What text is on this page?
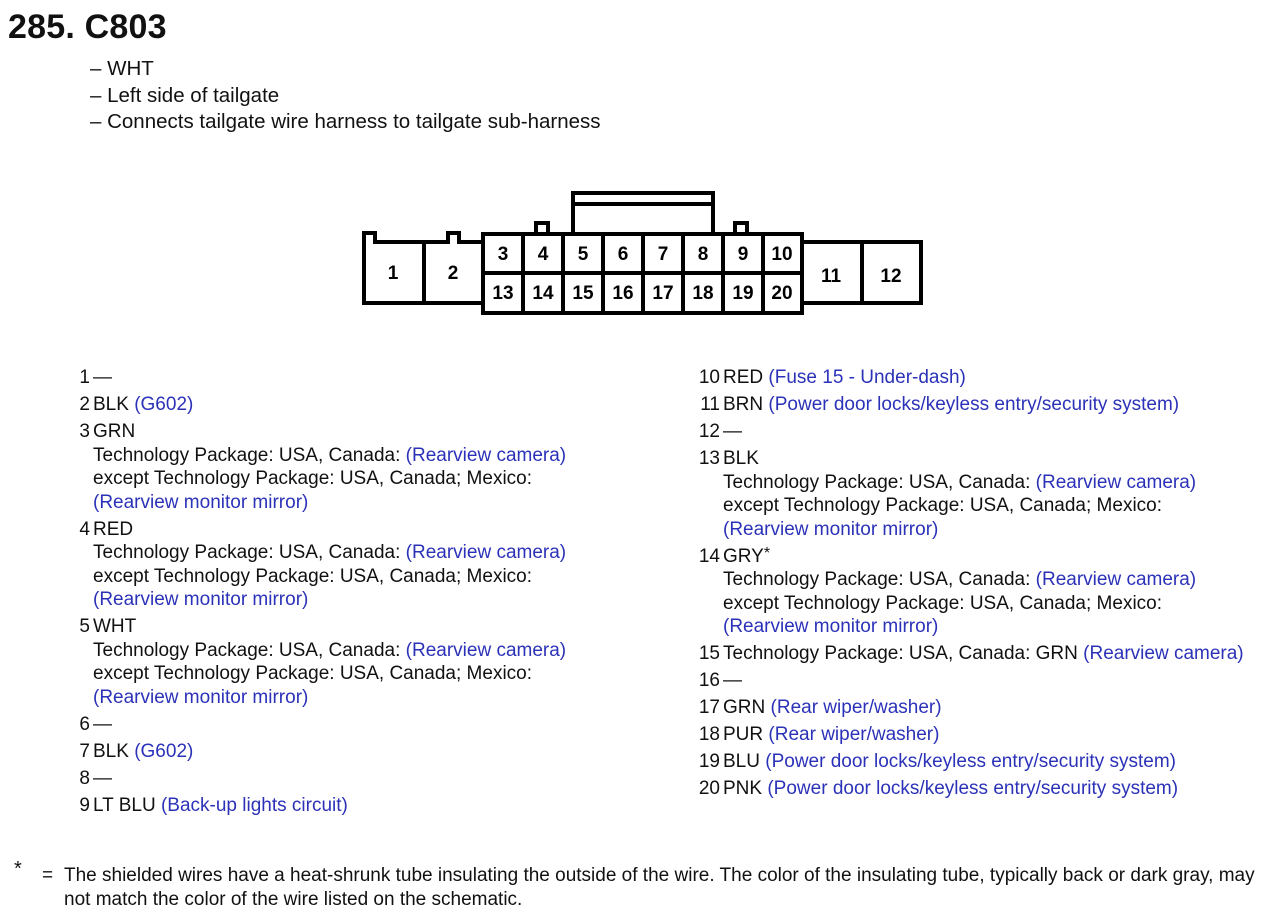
285. C803
– WHT
– Left side of tailgate
– Connects tailgate wire harness to tailgate sub-harness
1	2
3 4 5 6 7 8 9 10
11 12
13 14 15 16 17 18 19 20
1 —
2 BLK (G602)
3 GRN
Technology Package: USA, Canada: (Rearview camera)
except Technology Package: USA, Canada; Mexico:
(Rearview monitor mirror)
4 RED
Technology Package: USA, Canada: (Rearview camera)
except Technology Package: USA, Canada; Mexico:
(Rearview monitor mirror)
5 WHT
Technology Package: USA, Canada: (Rearview camera)
except Technology Package: USA, Canada; Mexico:
(Rearview monitor mirror)
6 —
7 BLK (G602)
8 —
9 LT BLU (Back-up lights circuit)
10 RED (Fuse 15 - Under-dash)
11 BRN (Power door locks/keyless entry/security system)
12 —
13 BLK
Technology Package: USA, Canada: (Rearview camera)
except Technology Package: USA, Canada; Mexico:
(Rearview monitor mirror)
14 GRY*
Technology Package: USA, Canada: (Rearview camera)
except Technology Package: USA, Canada; Mexico:
(Rearview monitor mirror)
15 Technology Package: USA, Canada: GRN (Rearview camera)
16 —
17 GRN (Rear wiper/washer)
18 PUR (Rear wiper/washer)
19 BLU (Power door locks/keyless entry/security system)
20 PNK (Power door locks/keyless entry/security system)
* = The shielded wires have a heat-shrunk tube insulating the outside of the wire. The color of the insulating tube, typically back or dark gray, may not match the color of the wire listed on the schematic.
